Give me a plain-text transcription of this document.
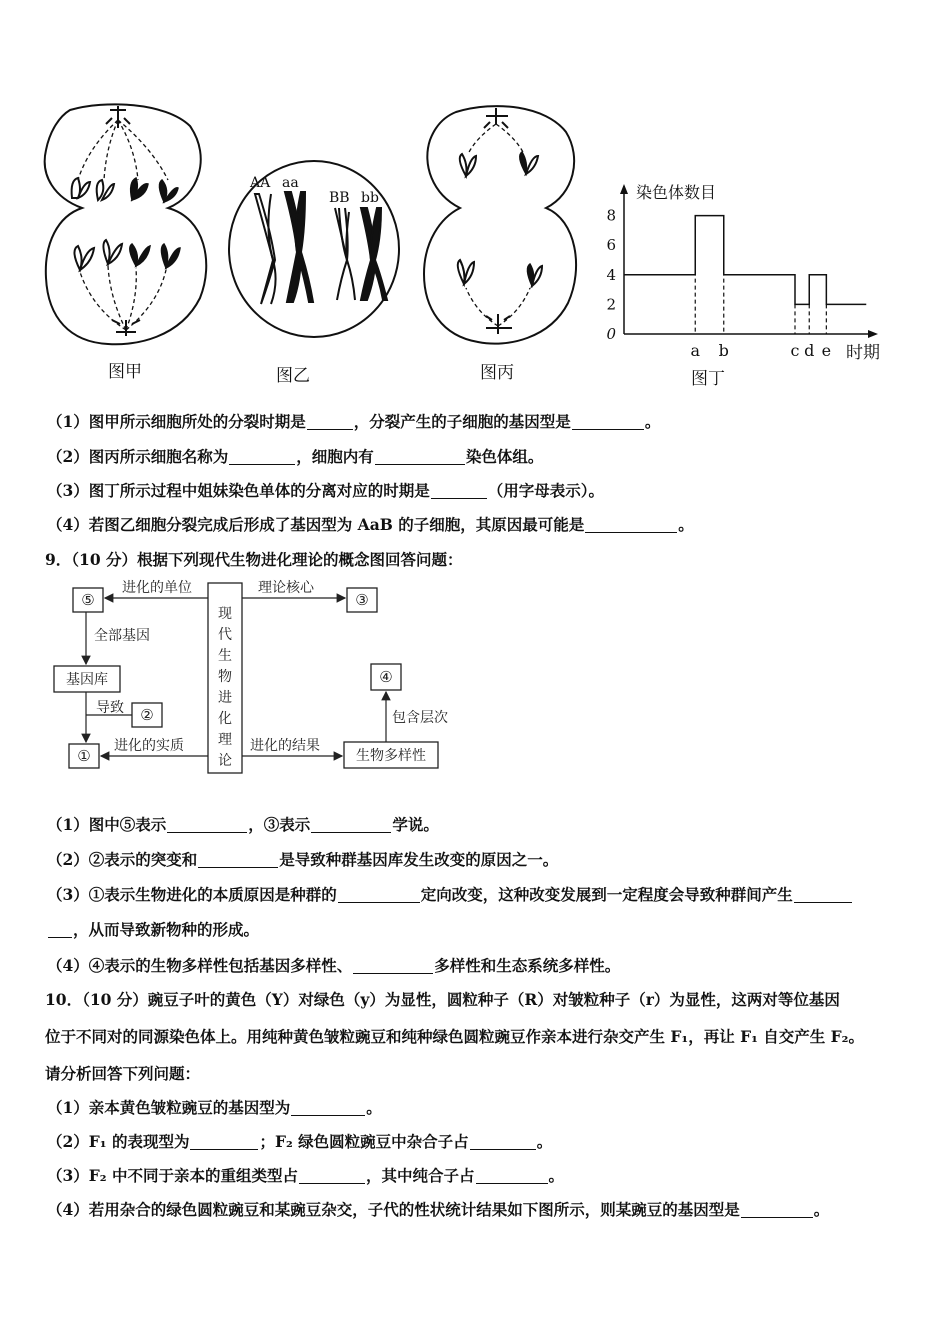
图甲
AA aa
BB bb
图乙	图丙
染色体数目
0
2
4
6
8
a b	c d e 时期
图丁
（1）图甲所示细胞所处的分裂时期是	，分裂产生的子细胞的基因型是	。
（2）图丙所示细胞名称为	，细胞内有	染色体组。
（3）图丁所示过程中姐妹染色单体的分离对应的时期是	（用字母表示）。
（4）若图乙细胞分裂完成后形成了基因型为 AaB 的子细胞，其原因最可能是	。
9．（10 分）根据下列现代生物进化理论的概念图回答问题：
进化的单位	理论核心
全部基因
导致
进化的实质	进化的结果
包含层次
⑤	③
②
④
①
基因库
生物多样性
现代生物进化理论
（1）图中⑤表示	，③表示	学说。
（2）②表示的突变和	是导致种群基因库发生改变的原因之一。
（3）①表示生物进化的本质原因是种群的	定向改变，这种改变发展到一定程度会导致种群间产生
，从而导致新物种的形成。
（4）④表示的生物多样性包括基因多样性、	多样性和生态系统多样性。
10．（10 分）豌豆子叶的黄色（Y）对绿色（y）为显性，圆粒种子（R）对皱粒种子（r）为显性，这两对等位基因
位于不同对的同源染色体上。用纯种黄色皱粒豌豆和纯种绿色圆粒豌豆作亲本进行杂交产生 F₁，再让 F₁ 自交产生 F₂。
请分析回答下列问题：
（1）亲本黄色皱粒豌豆的基因型为	。
（2）F₁ 的表现型为	；F₂ 绿色圆粒豌豆中杂合子占	。
（3）F₂ 中不同于亲本的重组类型占	，其中纯合子占	。
（4）若用杂合的绿色圆粒豌豆和某豌豆杂交，子代的性状统计结果如下图所示，则某豌豆的基因型是	。
